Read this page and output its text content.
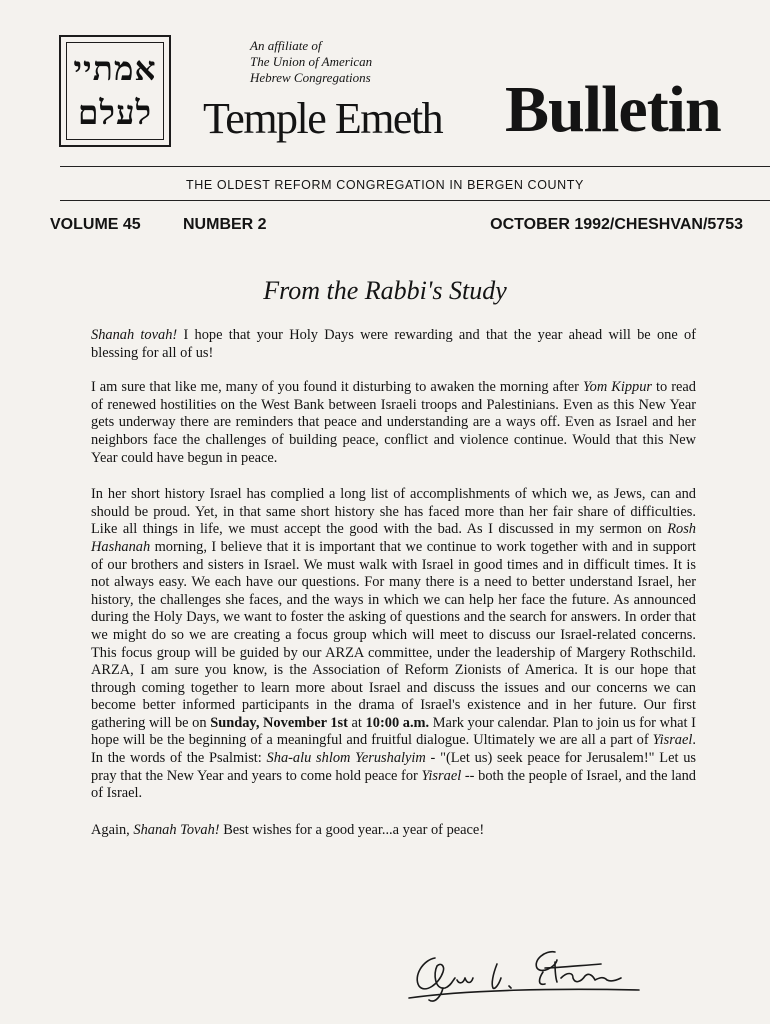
אמתיי
לעלם
An affiliate of
The Union of American
Hebrew Congregations
Temple Emeth Bulletin
THE OLDEST REFORM CONGREGATION IN BERGEN COUNTY
VOLUME 45	NUMBER 2	OCTOBER 1992/CHESHVAN/5753
From the Rabbi's Study

Shanah tovah! I hope that your Holy Days were rewarding and that the year ahead will be one of blessing for all of us!

I am sure that like me, many of you found it disturbing to awaken the morning after Yom Kippur to read of renewed hostilities on the West Bank between Israeli troops and Palestinians. Even as this New Year gets underway there are reminders that peace and understanding are a ways off. Even as Israel and her neighbors face the challenges of building peace, conflict and violence continue. Would that this New Year could have begun in peace.

In her short history Israel has complied a long list of accomplishments of which we, as Jews, can and should be proud. Yet, in that same short history she has faced more than her fair share of difficulties. Like all things in life, we must accept the good with the bad. As I discussed in my sermon on Rosh Hashanah morning, I believe that it is important that we continue to work together with and in support of our brothers and sisters in Israel. We must walk with Israel in good times and in difficult times. It is not always easy. We each have our questions. For many there is a need to better understand Israel, her history, the challenges she faces, and the ways in which we can help her face the future. As announced during the Holy Days, we want to foster the asking of questions and the search for answers. In order that we might do so we are creating a focus group which will meet to discuss our Israel-related concerns. This focus group will be guided by our ARZA committee, under the leadership of Margery Rothschild. ARZA, I am sure you know, is the Association of Reform Zionists of America. It is our hope that through coming together to learn more about Israel and discuss the issues and our concerns we can become better informed participants in the drama of Israel's existence and in her future. Our first gathering will be on Sunday, November 1st at 10:00 a.m. Mark your calendar. Plan to join us for what I hope will be the beginning of a meaningful and fruitful dialogue. Ultimately we are all a part of Yisrael. In the words of the Psalmist: Sha-alu shlom Yerushalyim - "(Let us) seek peace for Jerusalem!" Let us pray that the New Year and years to come hold peace for Yisrael -- both the people of Israel, and the land of Israel.

Again, Shanah Tovah! Best wishes for a good year...a year of peace!
